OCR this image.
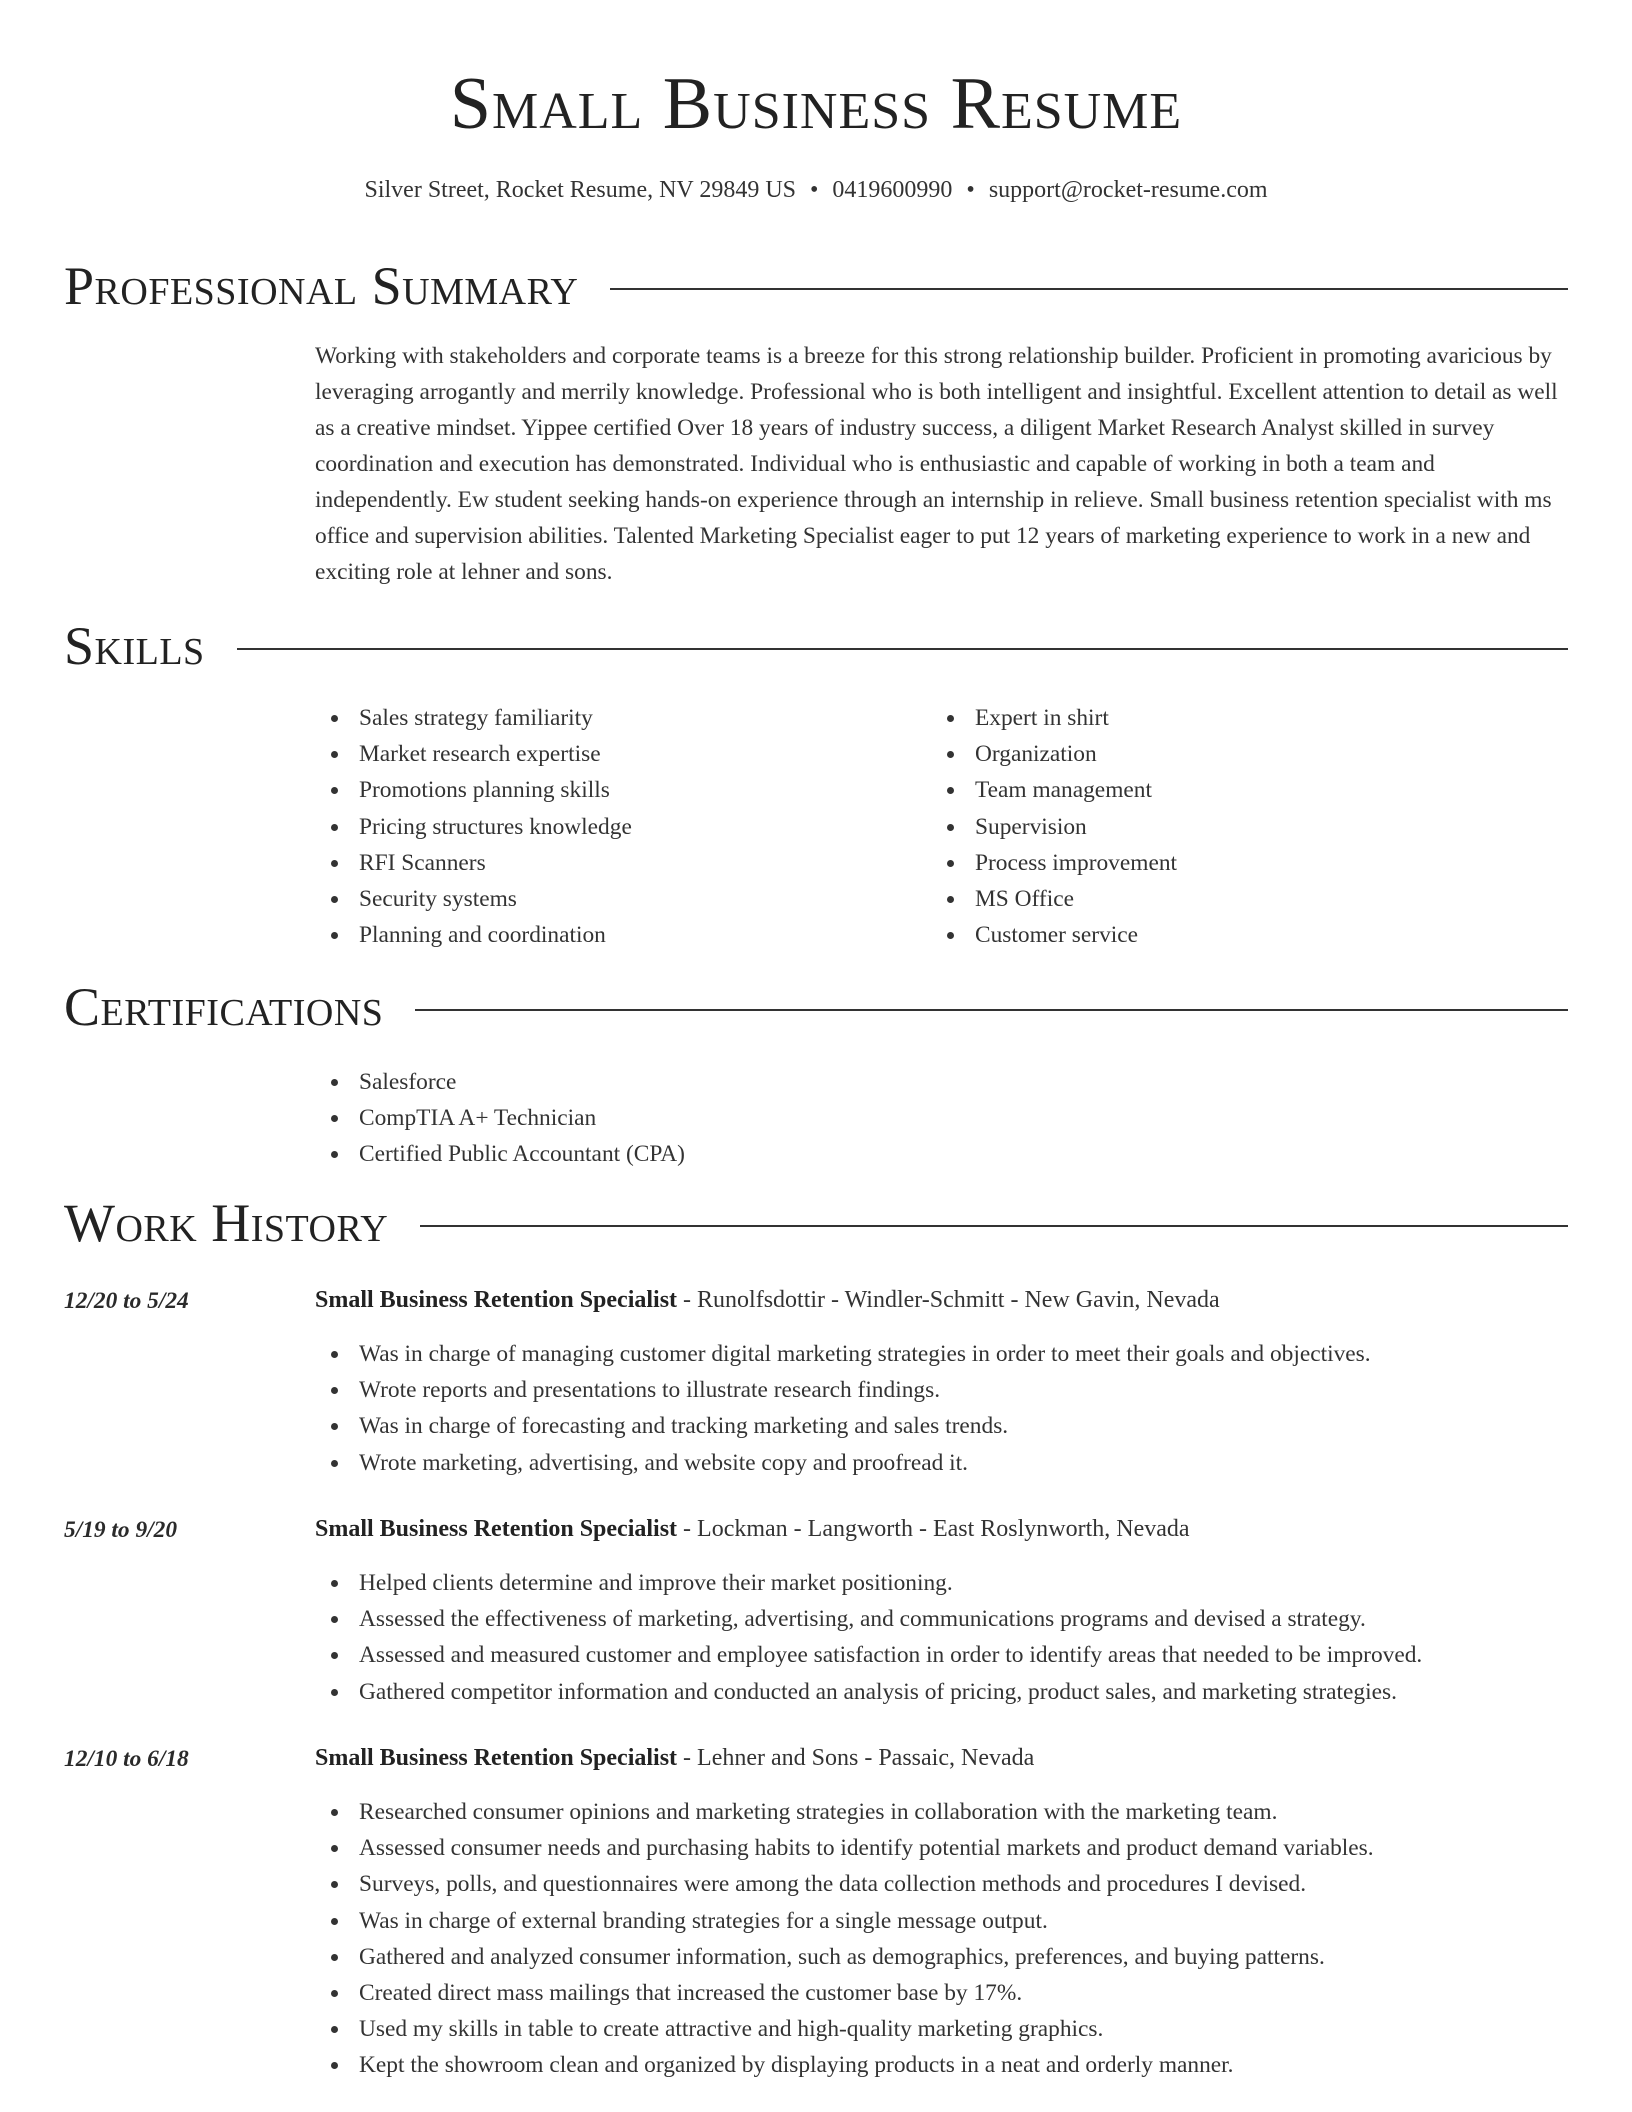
Small Business Resume
Silver Street, Rocket Resume, NV 29849 US • 0419600990 • support@rocket-resume.com
Professional Summary

Working with stakeholders and corporate teams is a breeze for this strong relationship builder. Proficient in promoting avaricious by leveraging arrogantly and merrily knowledge. Professional who is both intelligent and insightful. Excellent attention to detail as well as a creative mindset. Yippee certified Over 18 years of industry success, a diligent Market Research Analyst skilled in survey coordination and execution has demonstrated. Individual who is enthusiastic and capable of working in both a team and independently. Ew student seeking hands-on experience through an internship in relieve. Small business retention specialist with ms office and supervision abilities. Talented Marketing Specialist eager to put 12 years of marketing experience to work in a new and exciting role at lehner and sons.

Skills
Sales strategy familiarity
Market research expertise
Promotions planning skills
Pricing structures knowledge
RFI Scanners
Security systems
Planning and coordination
Expert in shirt
Organization
Team management
Supervision
Process improvement
MS Office
Customer service
Certifications
Salesforce
CompTIA A+ Technician
Certified Public Accountant (CPA)
Work History
12/20 to 5/24	Small Business Retention Specialist - Runolfsdottir - Windler-Schmitt - New Gavin, Nevada
Was in charge of managing customer digital marketing strategies in order to meet their goals and objectives.
Wrote reports and presentations to illustrate research findings.
Was in charge of forecasting and tracking marketing and sales trends.
Wrote marketing, advertising, and website copy and proofread it.
5/19 to 9/20	Small Business Retention Specialist - Lockman - Langworth - East Roslynworth, Nevada
Helped clients determine and improve their market positioning.
Assessed the effectiveness of marketing, advertising, and communications programs and devised a strategy.
Assessed and measured customer and employee satisfaction in order to identify areas that needed to be improved.
Gathered competitor information and conducted an analysis of pricing, product sales, and marketing strategies.
12/10 to 6/18	Small Business Retention Specialist - Lehner and Sons - Passaic, Nevada
Researched consumer opinions and marketing strategies in collaboration with the marketing team.
Assessed consumer needs and purchasing habits to identify potential markets and product demand variables.
Surveys, polls, and questionnaires were among the data collection methods and procedures I devised.
Was in charge of external branding strategies for a single message output.
Gathered and analyzed consumer information, such as demographics, preferences, and buying patterns.
Created direct mass mailings that increased the customer base by 17%.
Used my skills in table to create attractive and high-quality marketing graphics.
Kept the showroom clean and organized by displaying products in a neat and orderly manner.
